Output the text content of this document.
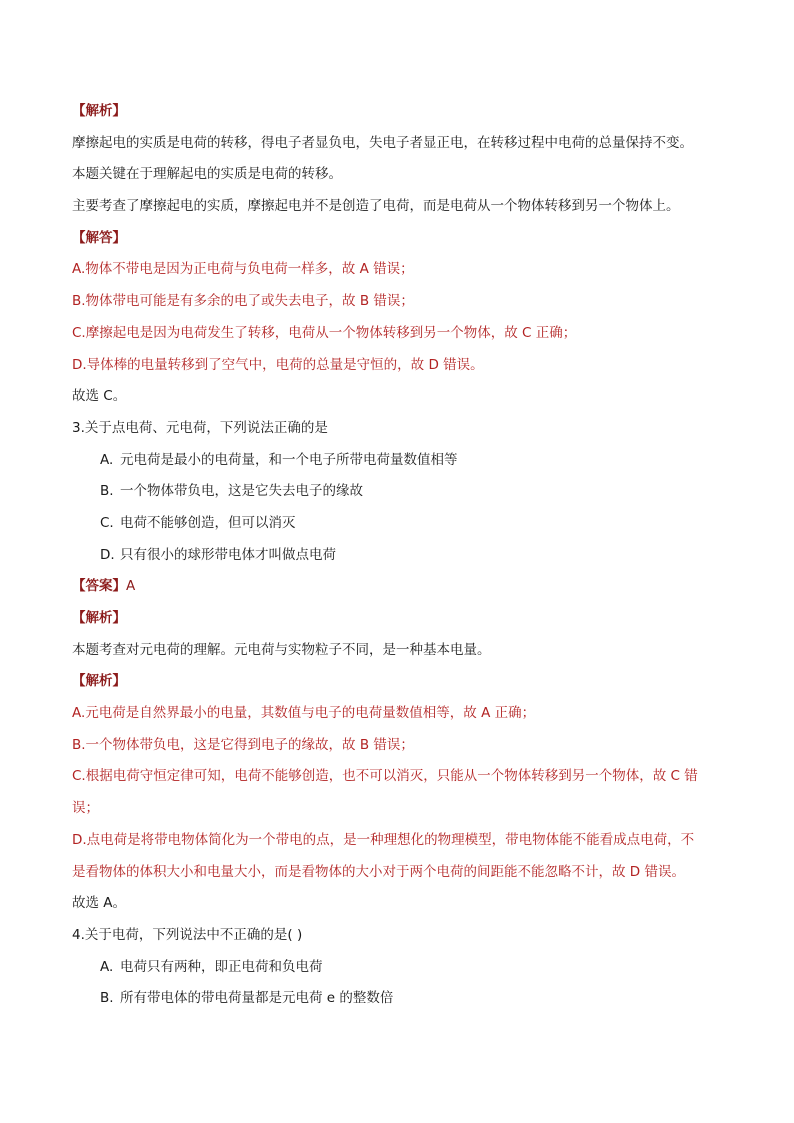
【解析】
摩擦起电的实质是电荷的转移，得电子者显负电，失电子者显正电，在转移过程中电荷的总量保持不变。
本题关键在于理解起电的实质是电荷的转移。
主要考查了摩擦起电的实质，摩擦起电并不是创造了电荷，而是电荷从一个物体转移到另一个物体上。
【解答】
A.物体不带电是因为正电荷与负电荷一样多，故 A 错误；
B.物体带电可能是有多余的电了或失去电子，故 B 错误；
C.摩擦起电是因为电荷发生了转移，电荷从一个物体转移到另一个物体，故 C 正确；
D.导体棒的电量转移到了空气中，电荷的总量是守恒的，故 D 错误。
故选 C。
3.关于点电荷、元电荷，下列说法正确的是
A. 元电荷是最小的电荷量，和一个电子所带电荷量数值相等
B. 一个物体带负电，这是它失去电子的缘故
C. 电荷不能够创造，但可以消灭
D. 只有很小的球形带电体才叫做点电荷
【答案】A
【解析】
本题考查对元电荷的理解。元电荷与实物粒子不同，是一种基本电量。
【解析】
A.元电荷是自然界最小的电量，其数值与电子的电荷量数值相等，故 A 正确；
B.一个物体带负电，这是它得到电子的缘故，故 B 错误；
C.根据电荷守恒定律可知，电荷不能够创造，也不可以消灭，只能从一个物体转移到另一个物体，故 C 错
误；
D.点电荷是将带电物体简化为一个带电的点，是一种理想化的物理模型，带电物体能不能看成点电荷，不
是看物体的体积大小和电量大小，而是看物体的大小对于两个电荷的间距能不能忽略不计，故 D 错误。
故选 A。
4.关于电荷，下列说法中不正确的是( )
A. 电荷只有两种，即正电荷和负电荷
B. 所有带电体的带电荷量都是元电荷 e 的整数倍
